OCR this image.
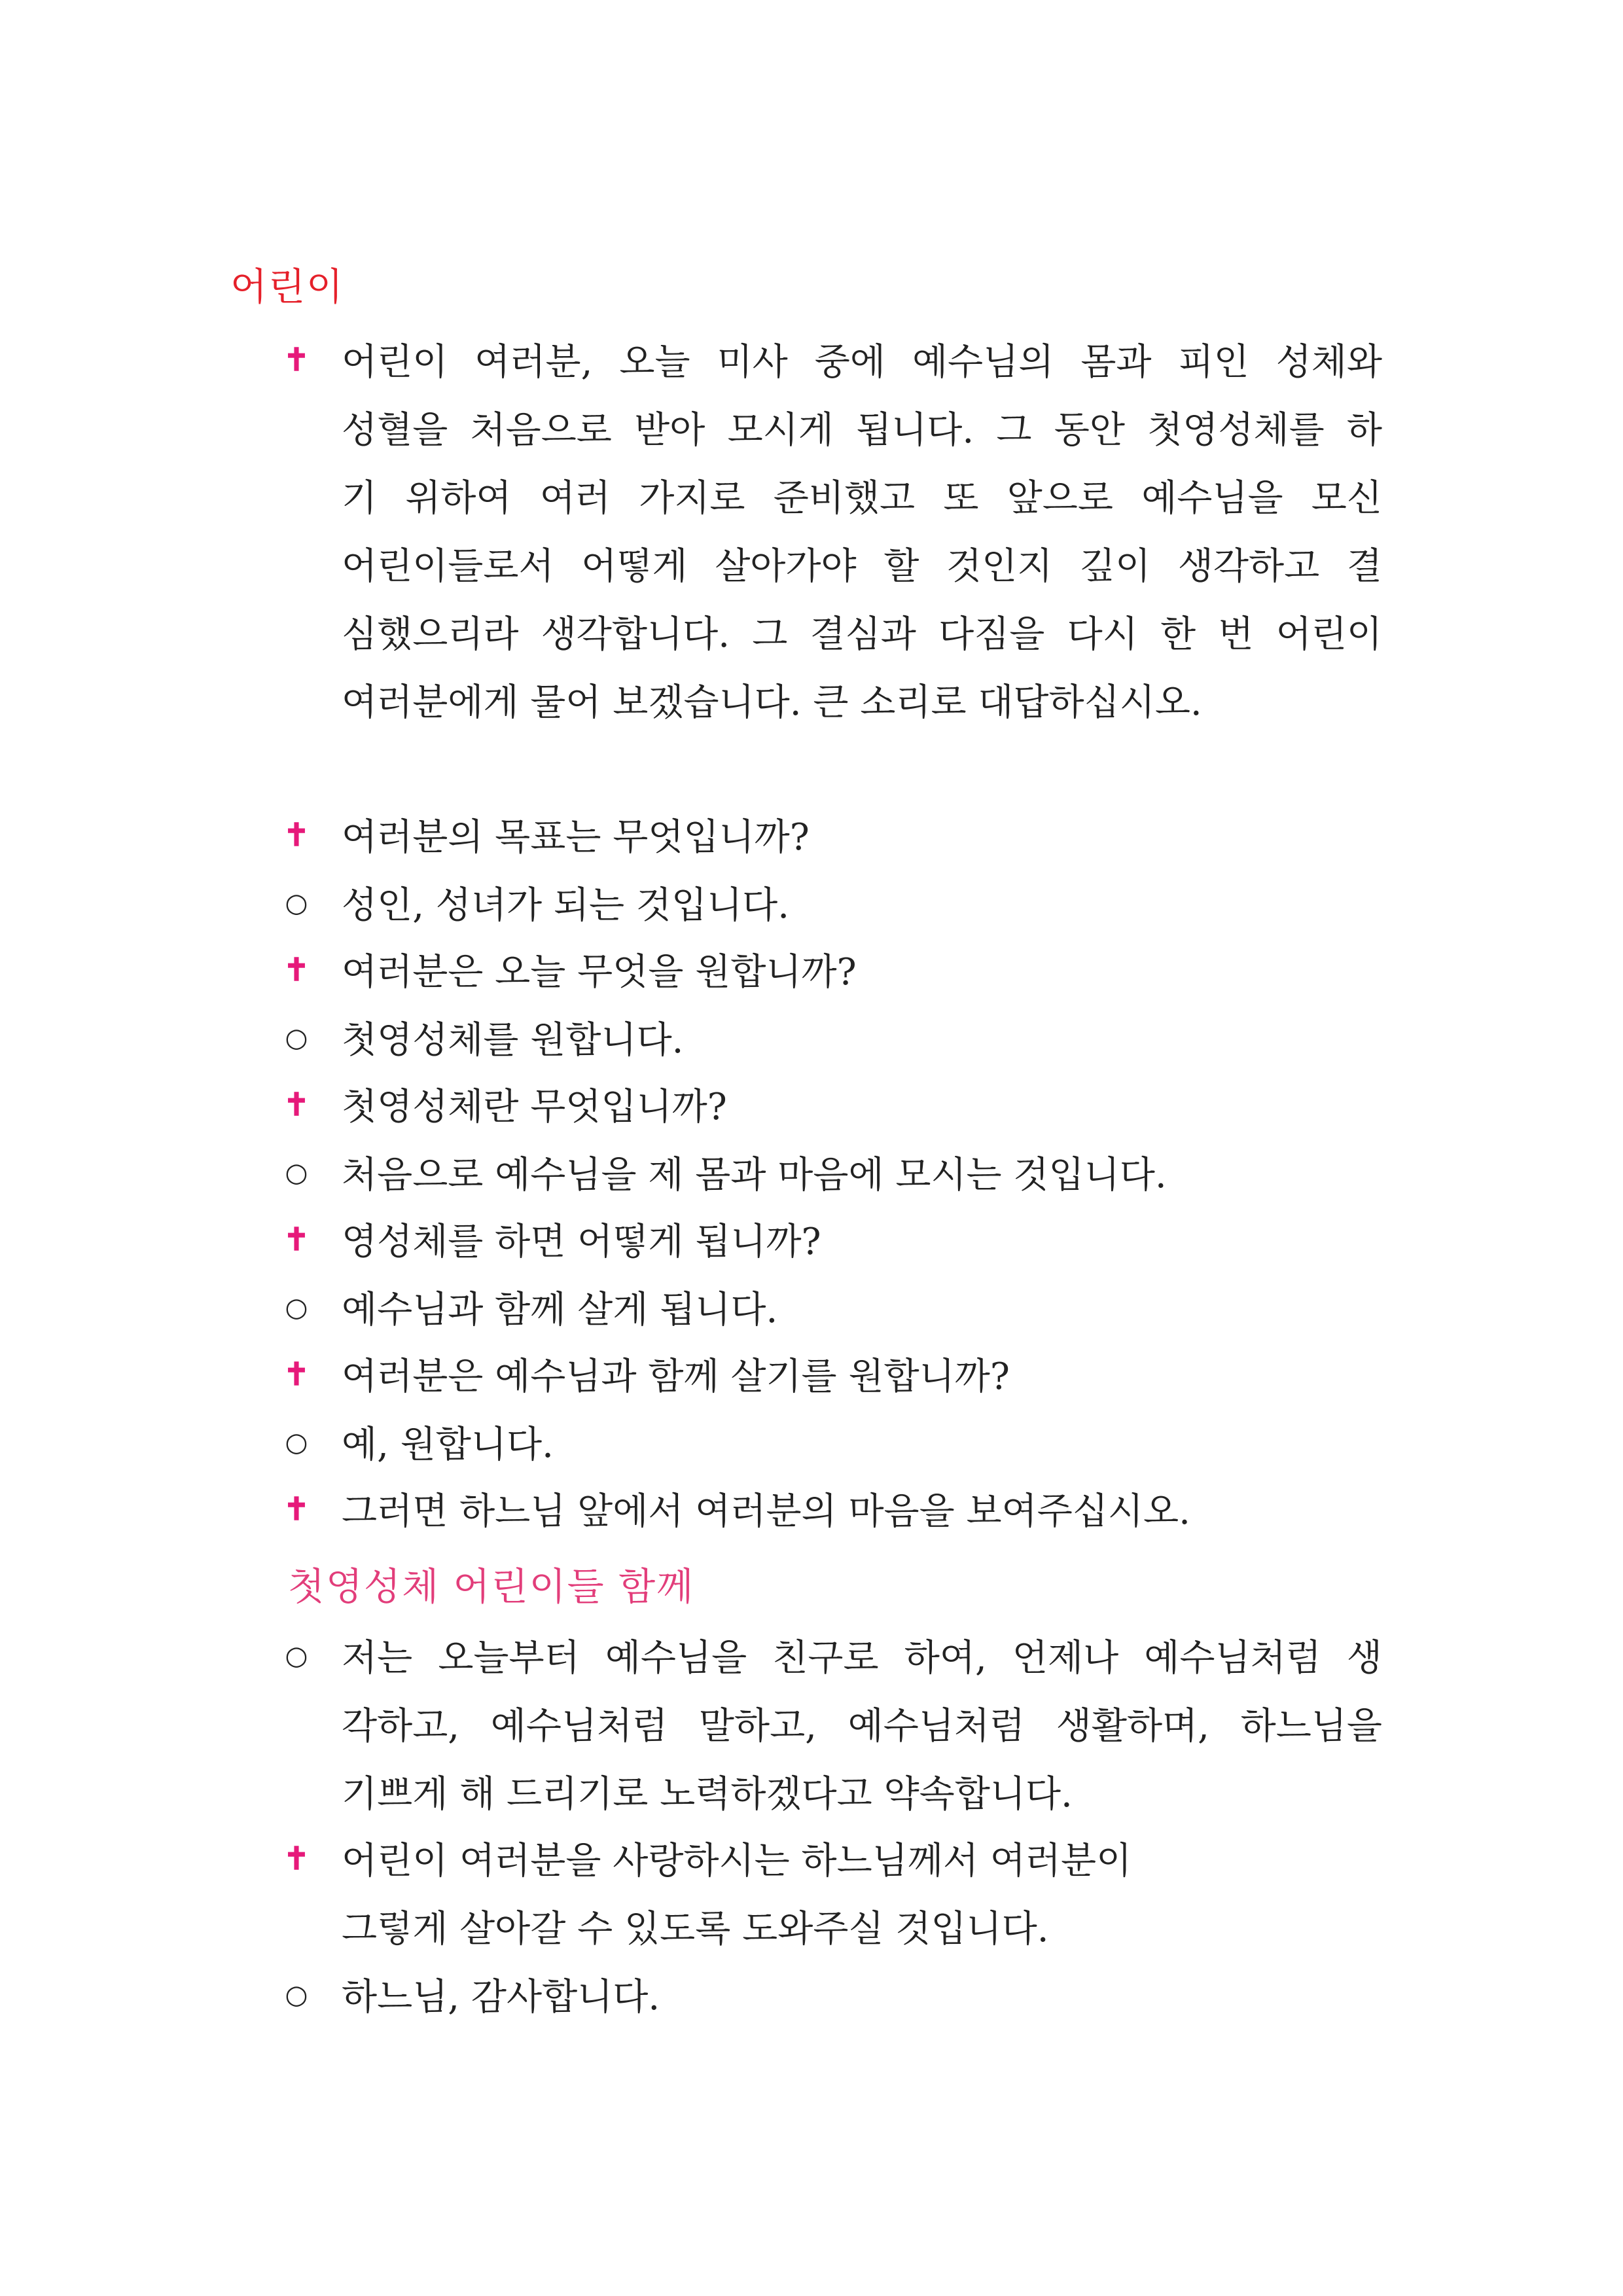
어린이
✝ 어린이 여러분, 오늘 미사 중에 예수님의 몸과 피인 성체와
성혈을 처음으로 받아 모시게 됩니다. 그 동안 첫영성체를 하
기 위하여 여러 가지로 준비했고 또 앞으로 예수님을 모신
어린이들로서 어떻게 살아가야 할 것인지 깊이 생각하고 결
심했으리라 생각합니다. 그 결심과 다짐을 다시 한 번 어린이
여러분에게 물어 보겠습니다. 큰 소리로 대답하십시오.
✝ 여러분의 목표는 무엇입니까?
○ 성인, 성녀가 되는 것입니다.
✝ 여러분은 오늘 무엇을 원합니까?
○ 첫영성체를 원합니다.
✝ 첫영성체란 무엇입니까?
○ 처음으로 예수님을 제 몸과 마음에 모시는 것입니다.
✝ 영성체를 하면 어떻게 됩니까?
○ 예수님과 함께 살게 됩니다.
✝ 여러분은 예수님과 함께 살기를 원합니까?
○ 예, 원합니다.
✝ 그러면 하느님 앞에서 여러분의 마음을 보여주십시오.
첫영성체 어린이들 함께
○ 저는 오늘부터 예수님을 친구로 하여, 언제나 예수님처럼 생
각하고, 예수님처럼 말하고, 예수님처럼 생활하며, 하느님을
기쁘게 해 드리기로 노력하겠다고 약속합니다.
✝ 어린이 여러분을 사랑하시는 하느님께서 여러분이
그렇게 살아갈 수 있도록 도와주실 것입니다.
○ 하느님, 감사합니다.
